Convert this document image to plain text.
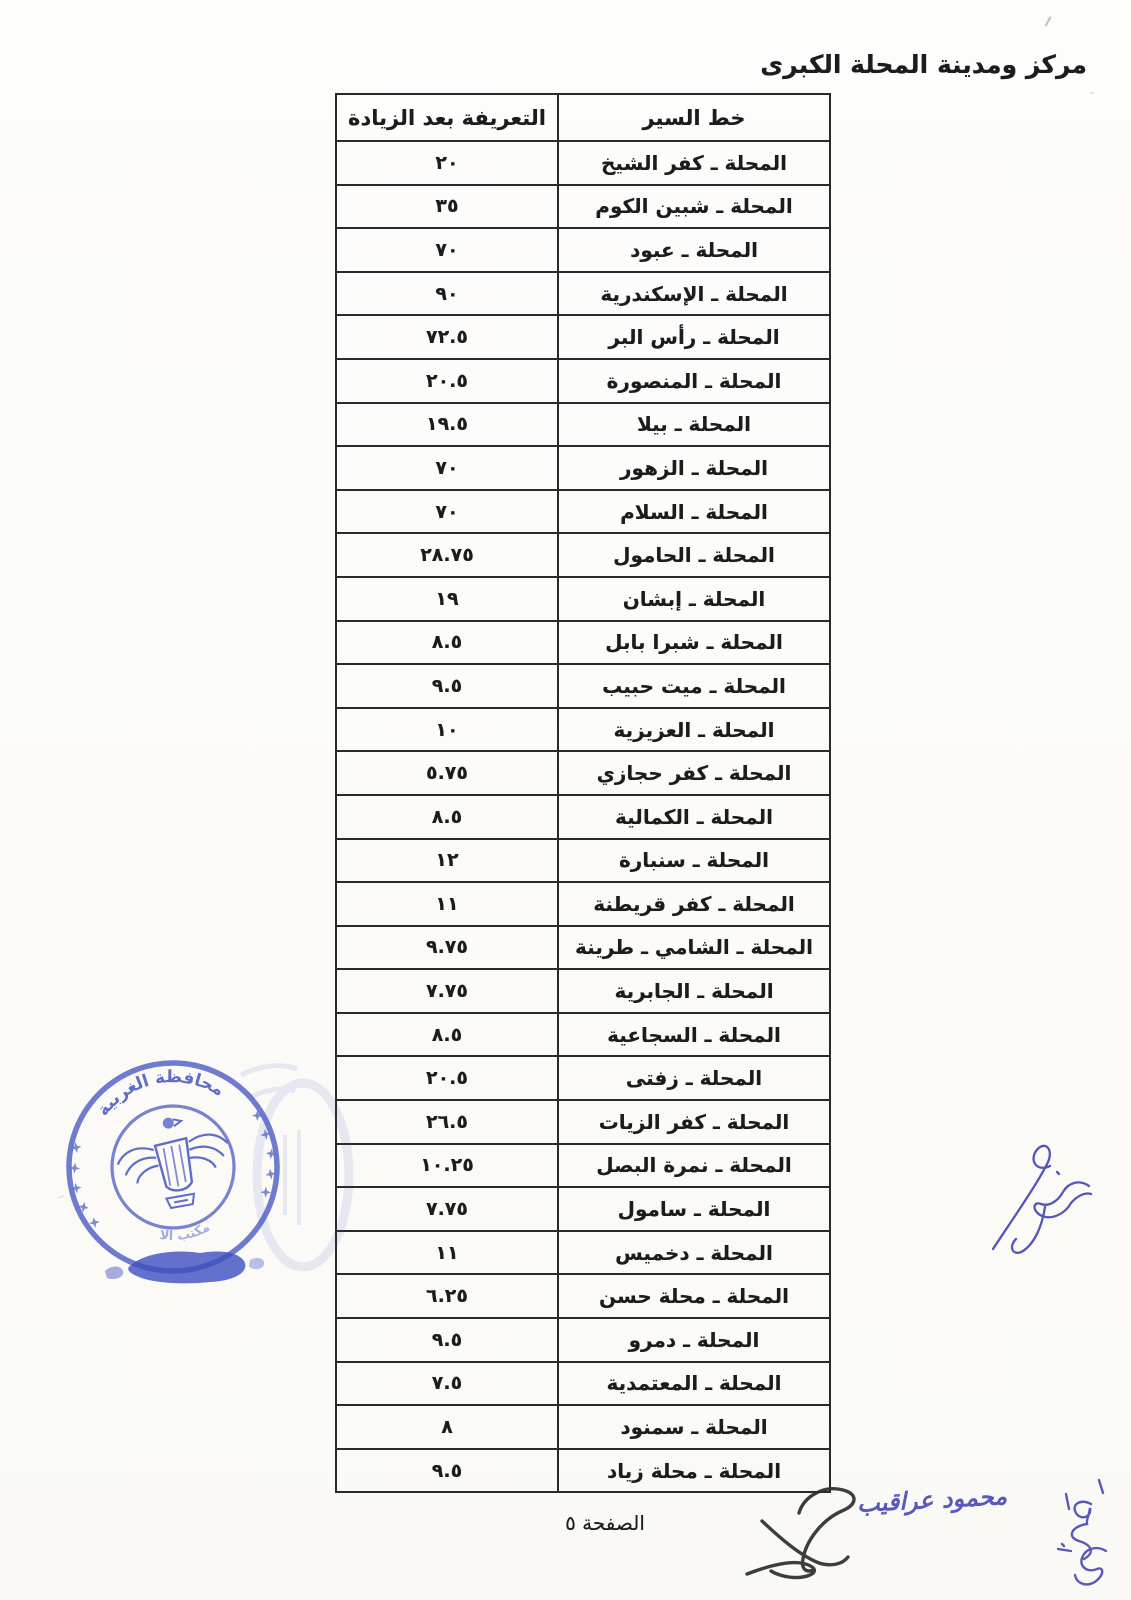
مركز ومدينة المحلة الكبرى
خط السير	التعريفة بعد الزيادة
المحلة ـ كفر الشيخ	٢٠
المحلة ـ شبين الكوم	٣٥
المحلة ـ عبود	٧٠
المحلة ـ الإسكندرية	٩٠
المحلة ـ رأس البر	٧٢.٥
المحلة ـ المنصورة	٢٠.٥
المحلة ـ بيلا	١٩.٥
المحلة ـ الزهور	٧٠
المحلة ـ السلام	٧٠
المحلة ـ الحامول	٢٨.٧٥
المحلة ـ إبشان	١٩
المحلة ـ شبرا بابل	٨.٥
المحلة ـ ميت حبيب	٩.٥
المحلة ـ العزيزية	١٠
المحلة ـ كفر حجازي	٥.٧٥
المحلة ـ الكمالية	٨.٥
المحلة ـ سنبارة	١٢
المحلة ـ كفر قريطنة	١١
المحلة ـ الشامي ـ طرينة	٩.٧٥
المحلة ـ الجابرية	٧.٧٥
المحلة ـ السجاعية	٨.٥
المحلة ـ زفتى	٢٠.٥
المحلة ـ كفر الزيات	٢٦.٥
المحلة ـ نمرة البصل	١٠.٢٥
المحلة ـ سامول	٧.٧٥
المحلة ـ دخميس	١١
المحلة ـ محلة حسن	٦.٢٥
المحلة ـ دمرو	٩.٥
المحلة ـ المعتمدية	٧.٥
المحلة ـ سمنود	٨
المحلة ـ محلة زياد	٩.٥
محافظة الغربية
مكتب الا
محمود عراقيب
الصفحة ٥
